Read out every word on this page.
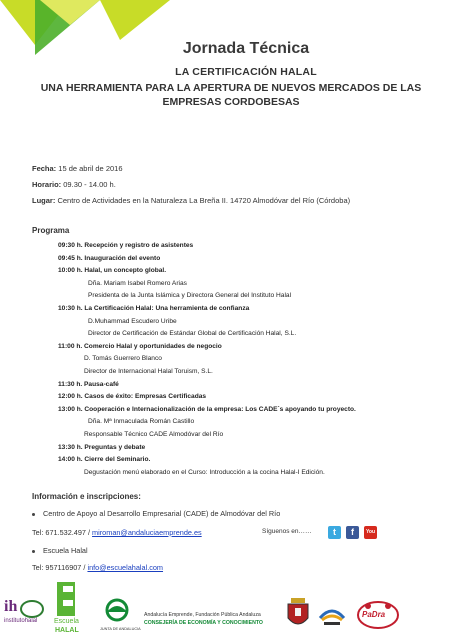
Jornada Técnica
LA CERTIFICACIÓN HALAL
UNA HERRAMIENTA PARA LA APERTURA DE NUEVOS MERCADOS DE LAS
EMPRESAS CORDOBESAS
Fecha: 15 de abril de 2016
Horario: 09.30 - 14.00 h.
Lugar: Centro de Actividades en la Naturaleza La Breña II. 14720 Almodóvar del Río (Córdoba)
Programa
09:30 h. Recepción y registro de asistentes
09:45 h. Inauguración del evento
10:00 h. Halal, un concepto global.
Dña. Mariam Isabel Romero Arias
Presidenta de la Junta Islámica y Directora General del Instituto Halal
10:30 h. La Certificación Halal: Una herramienta de confianza
D.Muhammad Escudero Uribe
Director de Certificación de Estándar Global de Certificación Halal, S.L.
11:00 h. Comercio Halal y oportunidades de negocio
D. Tomás Guerrero Blanco
Director de Internacional Halal Toruism, S.L.
11:30 h. Pausa-café
12:00 h. Casos de éxito: Empresas Certificadas
13:00 h. Cooperación e Internacionalización de la empresa: Los CADE´s apoyando tu proyecto.
Dña. Mª Inmaculada Román Castillo
Responsable Técnico CADE Almodóvar del Río
13:30 h. Preguntas y debate
14:00 h. Cierre del Seminario.
Degustación menú elaborado en el Curso: Introducción a la cocina Halal-I Edición.
Información e inscripciones:
Centro de Apoyo al Desarrollo Empresarial (CADE) de Almodóvar del Río
Tel: 671.532.497 / miroman@andaluciaemprende.es	Síguenos en……	t	f	You
Escuela Halal
Tel: 957116907 / info@escuelahalal.com
ih
institutohalal Escuela
HALAL	JUNTA DE ANDALUCIA
Andalucía Emprende, Fundación Pública Andaluza
CONSEJERÍA DE ECONOMÍA Y CONOCIMIENTO
PaDra
